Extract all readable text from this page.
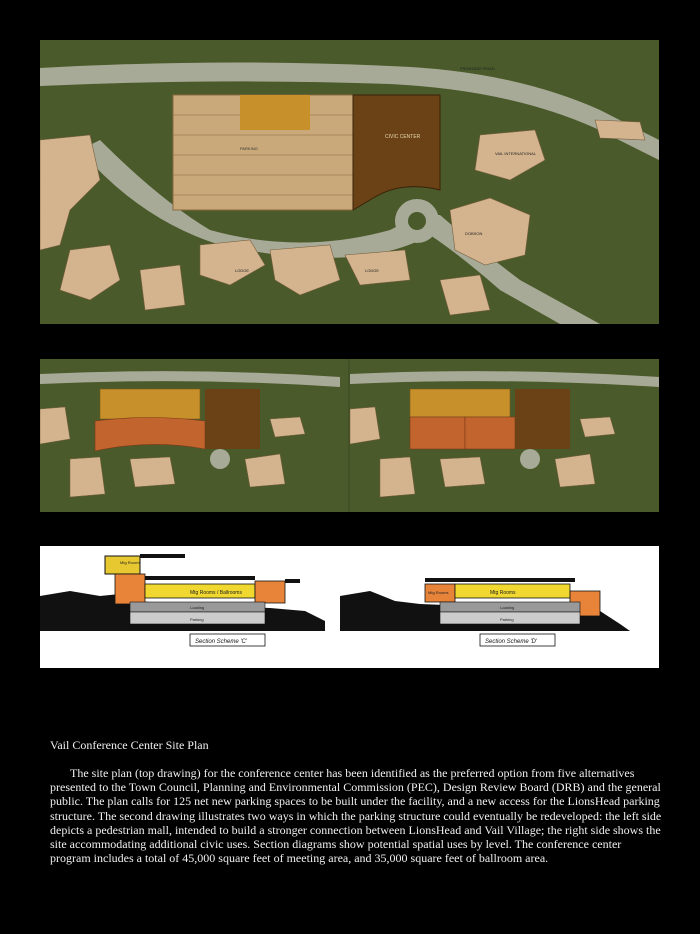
CIVIC CENTER
FRONTAGE ROAD
VAIL INTERNATIONAL
DOBSON
LODGE	LODGE
PARKING
Mtg Rooms / Ballrooms
Mtg Rooms
Loading
Parking
Section Scheme 'C'
Mtg Rooms
Mtg Rooms
Loading
Parking
Section Scheme 'D'
Vail Conference Center Site Plan

The site plan (top drawing) for the conference center has been identified as the preferred option from five alternatives presented to the Town Council, Planning and Environmental Commission (PEC), Design Review Board (DRB) and the general public. The plan calls for 125 net new parking spaces to be built under the facility, and a new access for the LionsHead parking structure. The second drawing illustrates two ways in which the parking structure could eventually be redeveloped: the left side depicts a pedestrian mall, intended to build a stronger connection between LionsHead and Vail Village; the right side shows the site accommodating additional civic uses. Section diagrams show potential spatial uses by level. The conference center program includes a total of 45,000 square feet of meeting area, and 35,000 square feet of ballroom area.
